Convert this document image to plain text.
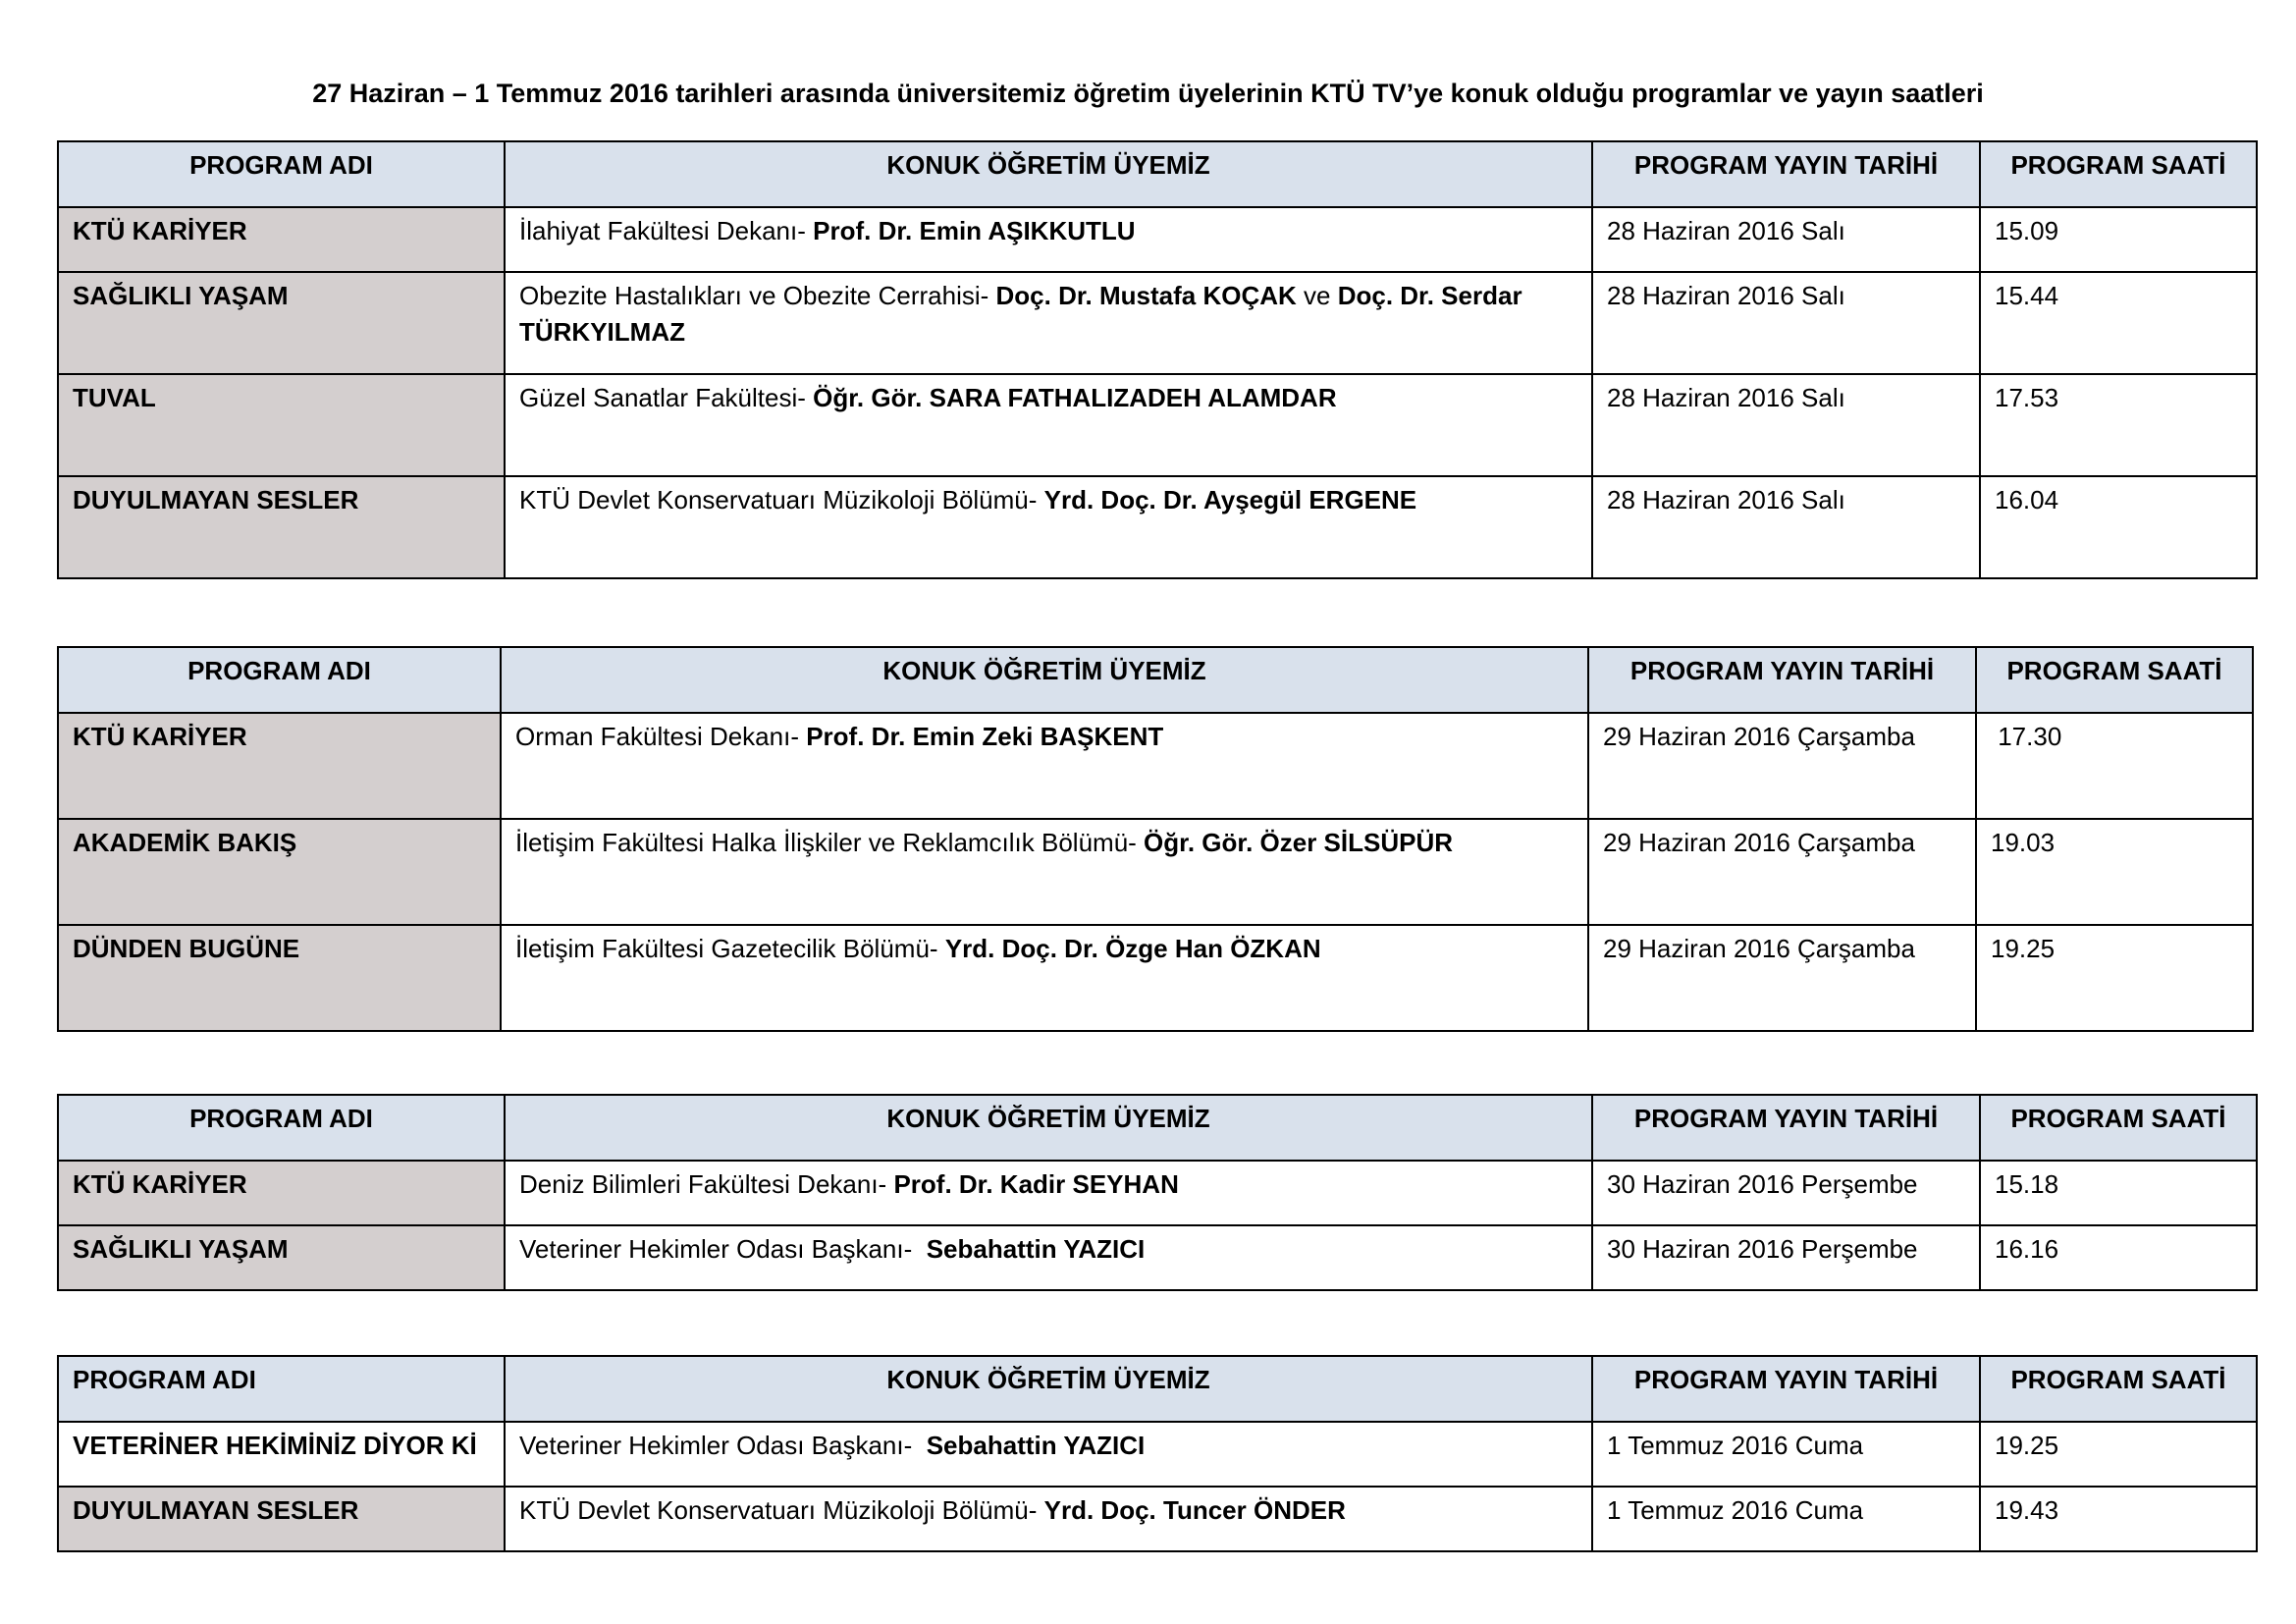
27 Haziran – 1 Temmuz 2016 tarihleri arasında üniversitemiz öğretim üyelerinin KTÜ TV’ye konuk olduğu programlar ve yayın saatleri
PROGRAM ADI	KONUK ÖĞRETİM ÜYEMİZ	PROGRAM YAYIN TARİHİ	PROGRAM SAATİ
KTÜ KARİYER	İlahiyat Fakültesi Dekanı- Prof. Dr. Emin AŞIKKUTLU	28 Haziran 2016 Salı	15.09
SAĞLIKLI YAŞAM	Obezite Hastalıkları ve Obezite Cerrahisi- Doç. Dr. Mustafa KOÇAK ve Doç. Dr. Serdar TÜRKYILMAZ	28 Haziran 2016 Salı	15.44
TUVAL	Güzel Sanatlar Fakültesi- Öğr. Gör. SARA FATHALIZADEH ALAMDAR	28 Haziran 2016 Salı	17.53
DUYULMAYAN SESLER	KTÜ Devlet Konservatuarı Müzikoloji Bölümü- Yrd. Doç. Dr. Ayşegül ERGENE	28 Haziran 2016 Salı	16.04
PROGRAM ADI	KONUK ÖĞRETİM ÜYEMİZ	PROGRAM YAYIN TARİHİ	PROGRAM SAATİ
KTÜ KARİYER	Orman Fakültesi Dekanı- Prof. Dr. Emin Zeki BAŞKENT	29 Haziran 2016 Çarşamba	17.30
AKADEMİK BAKIŞ	İletişim Fakültesi Halka İlişkiler ve Reklamcılık Bölümü- Öğr. Gör. Özer SİLSÜPÜR	29 Haziran 2016 Çarşamba	19.03
DÜNDEN BUGÜNE	İletişim Fakültesi Gazetecilik Bölümü- Yrd. Doç. Dr. Özge Han ÖZKAN	29 Haziran 2016 Çarşamba	19.25
PROGRAM ADI	KONUK ÖĞRETİM ÜYEMİZ	PROGRAM YAYIN TARİHİ	PROGRAM SAATİ
KTÜ KARİYER	Deniz Bilimleri Fakültesi Dekanı- Prof. Dr. Kadir SEYHAN	30 Haziran 2016 Perşembe	15.18
SAĞLIKLI YAŞAM	Veteriner Hekimler Odası Başkanı-  Sebahattin YAZICI	30 Haziran 2016 Perşembe	16.16
PROGRAM ADI	KONUK ÖĞRETİM ÜYEMİZ	PROGRAM YAYIN TARİHİ	PROGRAM SAATİ
VETERİNER HEKİMİNİZ DİYOR Kİ	Veteriner Hekimler Odası Başkanı-  Sebahattin YAZICI	1 Temmuz 2016 Cuma	19.25
DUYULMAYAN SESLER	KTÜ Devlet Konservatuarı Müzikoloji Bölümü- Yrd. Doç. Tuncer ÖNDER	1 Temmuz 2016 Cuma	19.43
